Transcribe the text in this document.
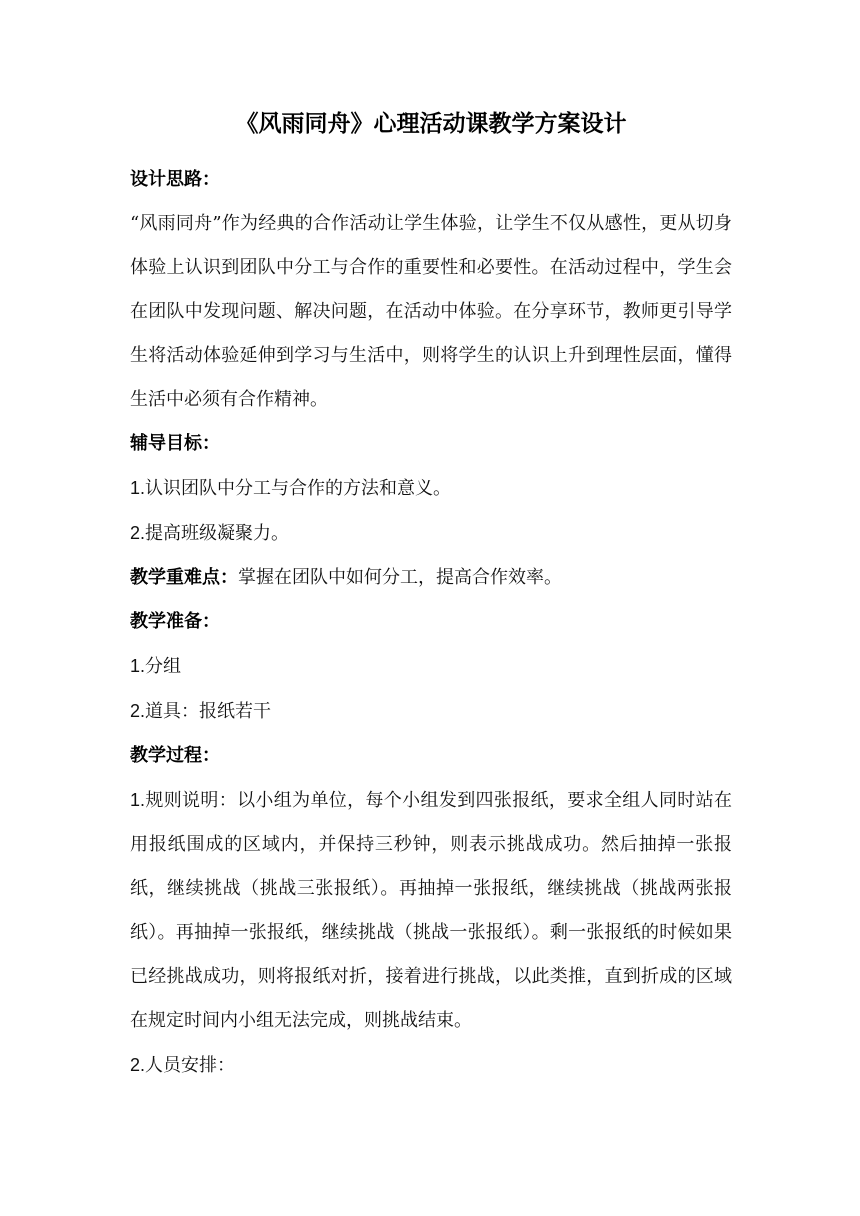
《风雨同舟》心理活动课教学方案设计
设计思路：

“风雨同舟”作为经典的合作活动让学生体验，让学生不仅从感性，更从切身体验上认识到团队中分工与合作的重要性和必要性。在活动过程中，学生会在团队中发现问题、解决问题，在活动中体验。在分享环节，教师更引导学生将活动体验延伸到学习与生活中，则将学生的认识上升到理性层面，懂得生活中必须有合作精神。

辅导目标：

1.认识团队中分工与合作的方法和意义。

2.提高班级凝聚力。

教学重难点：掌握在团队中如何分工，提高合作效率。

教学准备：

1.分组

2.道具：报纸若干

教学过程：

1.规则说明：以小组为单位，每个小组发到四张报纸，要求全组人同时站在用报纸围成的区域内，并保持三秒钟，则表示挑战成功。然后抽掉一张报纸，继续挑战（挑战三张报纸）。再抽掉一张报纸，继续挑战（挑战两张报纸）。再抽掉一张报纸，继续挑战（挑战一张报纸）。剩一张报纸的时候如果已经挑战成功，则将报纸对折，接着进行挑战，以此类推，直到折成的区域在规定时间内小组无法完成，则挑战结束。

2.人员安排：
